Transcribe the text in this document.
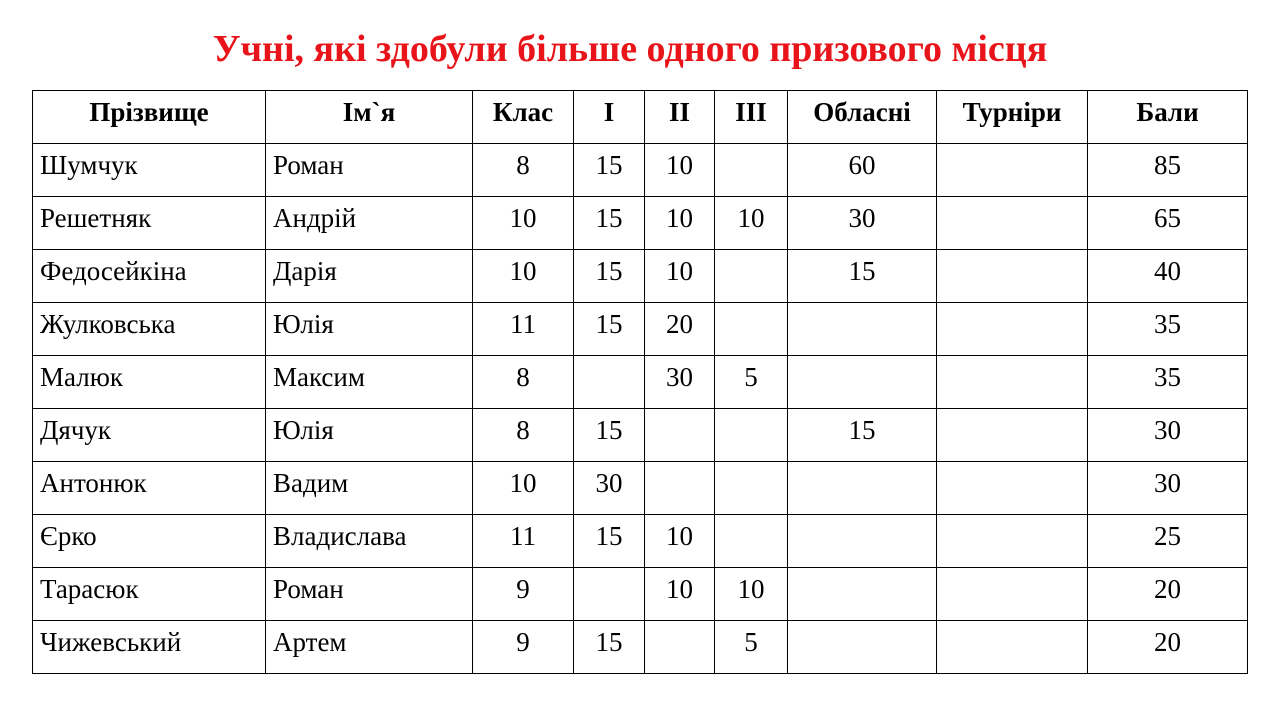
Учні, які здобули більше одного призового місця
Прізвище	Ім`я	Клас	I	II	III	Обласні	Турніри	Бали
Шумчук	Роман	8	15	10		60		85
Решетняк	Андрій	10	15	10	10	30		65
Федосейкіна	Дарія	10	15	10		15		40
Жулковська	Юлія	11	15	20				35
Малюк	Максим	8		30	5			35
Дячук	Юлія	8	15			15		30
Антонюк	Вадим	10	30					30
Єрко	Владислава	11	15	10				25
Тарасюк	Роман	9		10	10			20
Чижевський	Артем	9	15		5			20
